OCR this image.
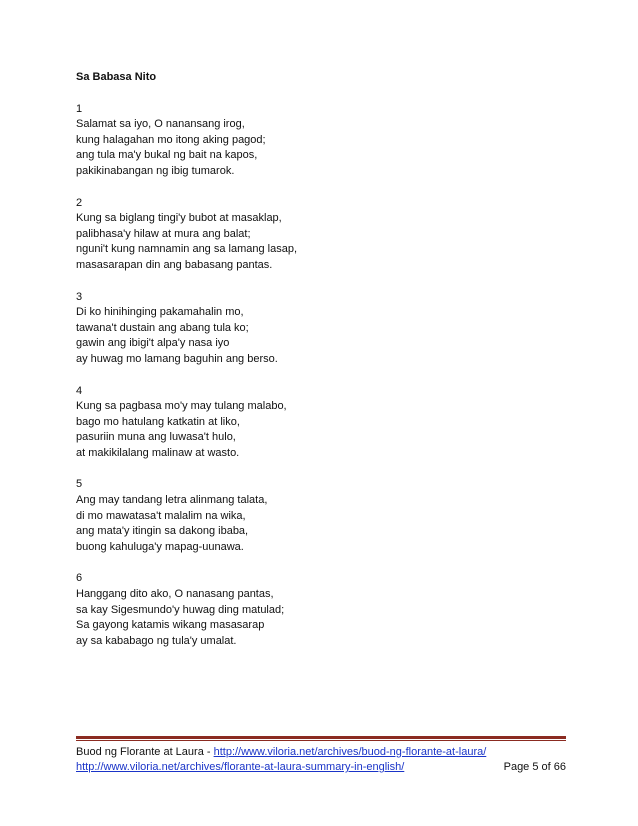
Sa Babasa Nito
1
Salamat sa iyo, O nanansang irog,
kung halagahan mo itong aking pagod;
ang tula ma'y bukal ng bait na kapos,
pakikinabangan ng ibig tumarok.
2
Kung sa biglang tingi'y bubot at masaklap,
palibhasa'y hilaw at mura ang balat;
nguni't kung namnamin ang sa lamang lasap,
masasarapan din ang babasang pantas.
3
Di ko hinihinging pakamahalin mo,
tawana't dustain ang abang tula ko;
gawin ang ibigi't alpa'y nasa iyo
ay huwag mo lamang baguhin ang berso.
4
Kung sa pagbasa mo'y may tulang malabo,
bago mo hatulang katkatin at liko,
pasuriin muna ang luwasa't hulo,
at makikilalang malinaw at wasto.
5
Ang may tandang letra alinmang talata,
di mo mawatasa't malalim na wika,
ang mata'y itingin sa dakong ibaba,
buong kahuluga'y mapag-uunawa.
6
Hanggang dito ako, O nanasang pantas,
sa kay Sigesmundo'y huwag ding matulad;
Sa gayong katamis wikang masasarap
ay sa kababago ng tula'y umalat.
Buod ng Florante at Laura - http://www.viloria.net/archives/buod-ng-florante-at-laura/
http://www.viloria.net/archives/florante-at-laura-summary-in-english/	Page 5 of 66
